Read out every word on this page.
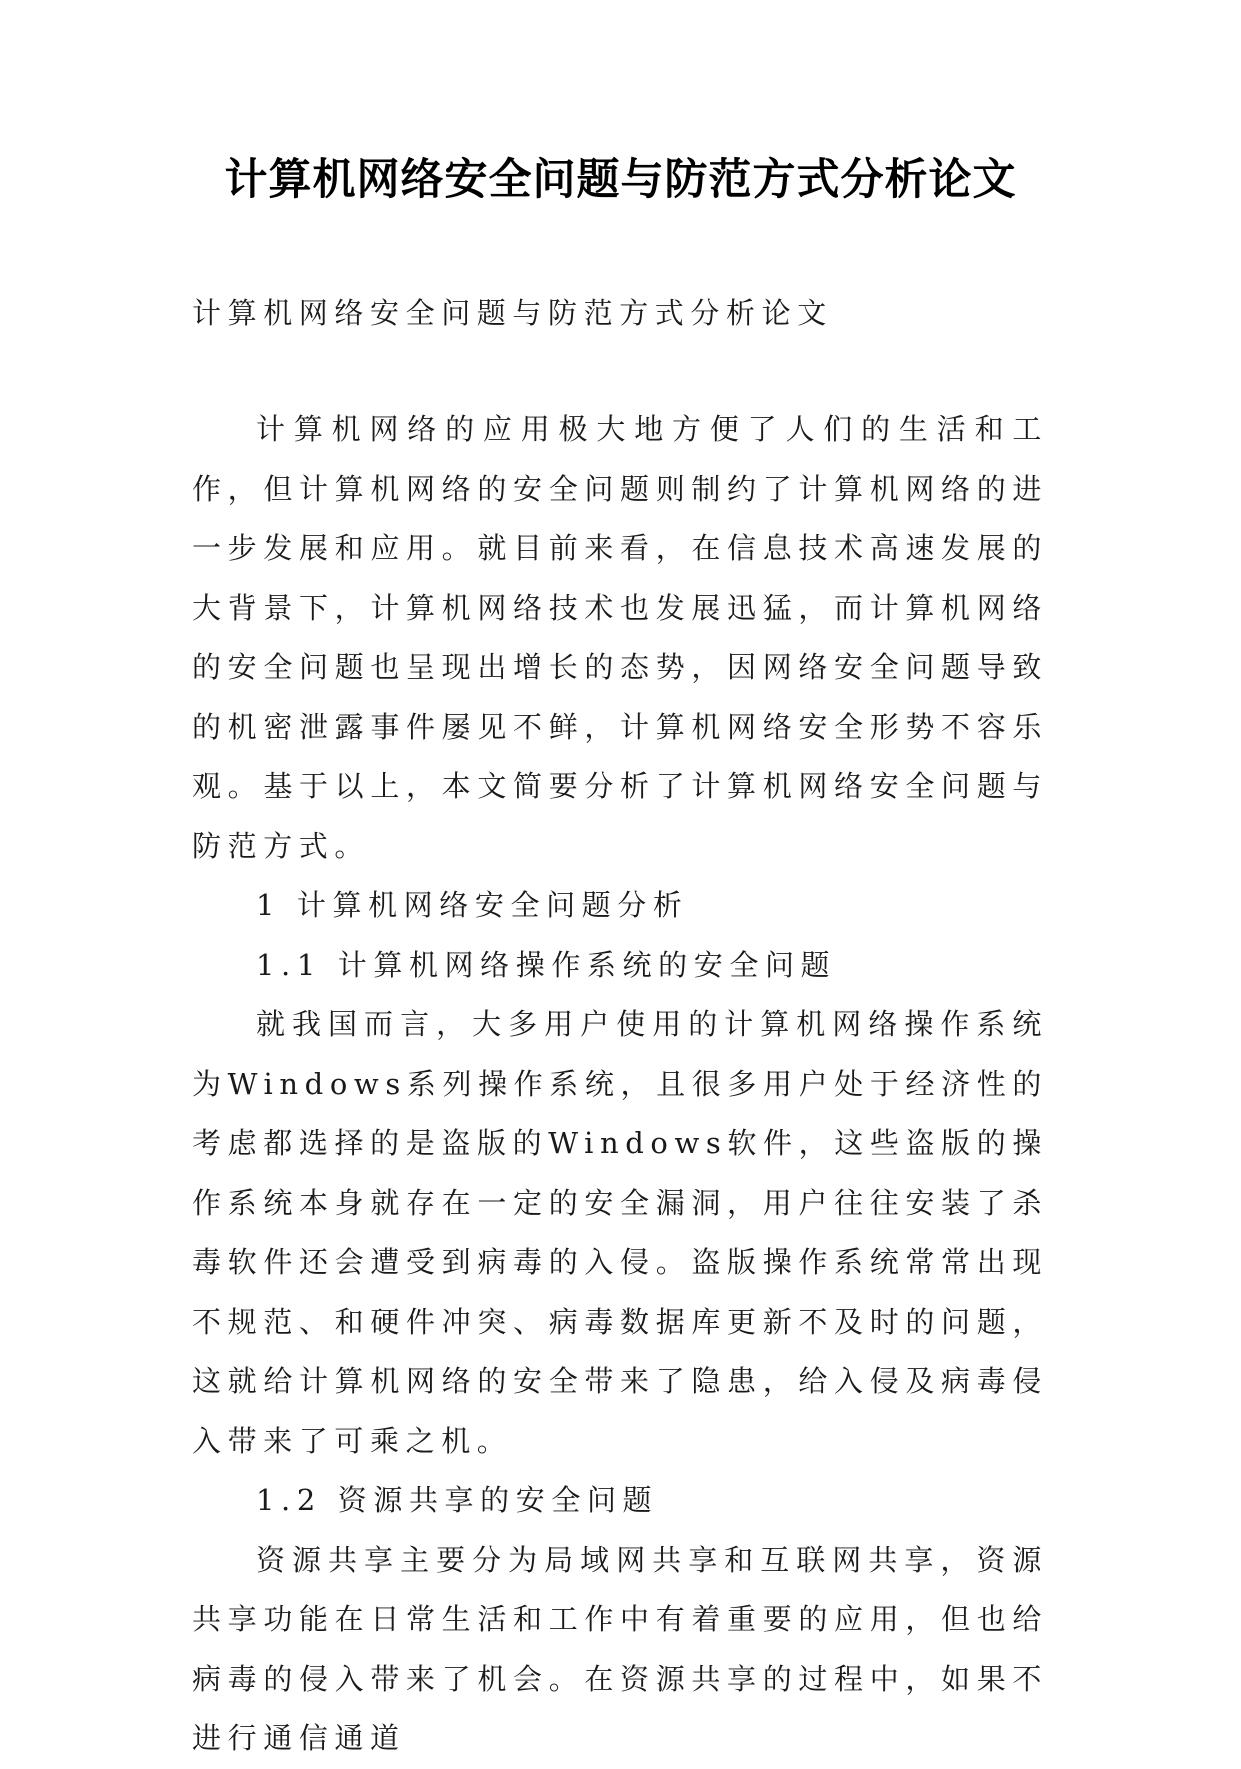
计算机网络安全问题与防范方式分析论文
计算机网络安全问题与防范方式分析论文

计算机网络的应用极大地方便了人们的生活和工作，但计算机网络的安全问题则制约了计算机网络的进一步发展和应用。就目前来看，在信息技术高速发展的大背景下，计算机网络技术也发展迅猛，而计算机网络的安全问题也呈现出增长的态势，因网络安全问题导致的机密泄露事件屡见不鲜，计算机网络安全形势不容乐观。基于以上，本文简要分析了计算机网络安全问题与防范方式。

1 计算机网络安全问题分析

1.1 计算机网络操作系统的安全问题

就我国而言，大多用户使用的计算机网络操作系统为Windows系列操作系统，且很多用户处于经济性的考虑都选择的是盗版的Windows软件，这些盗版的操作系统本身就存在一定的安全漏洞，用户往往安装了杀毒软件还会遭受到病毒的入侵。盗版操作系统常常出现不规范、和硬件冲突、病毒数据库更新不及时的问题，这就给计算机网络的安全带来了隐患，给入侵及病毒侵入带来了可乘之机。

1.2 资源共享的安全问题

资源共享主要分为局域网共享和互联网共享，资源共享功能在日常生活和工作中有着重要的应用，但也给病毒的侵入带来了机会。在资源共享的过程中，如果不进行通信通道
